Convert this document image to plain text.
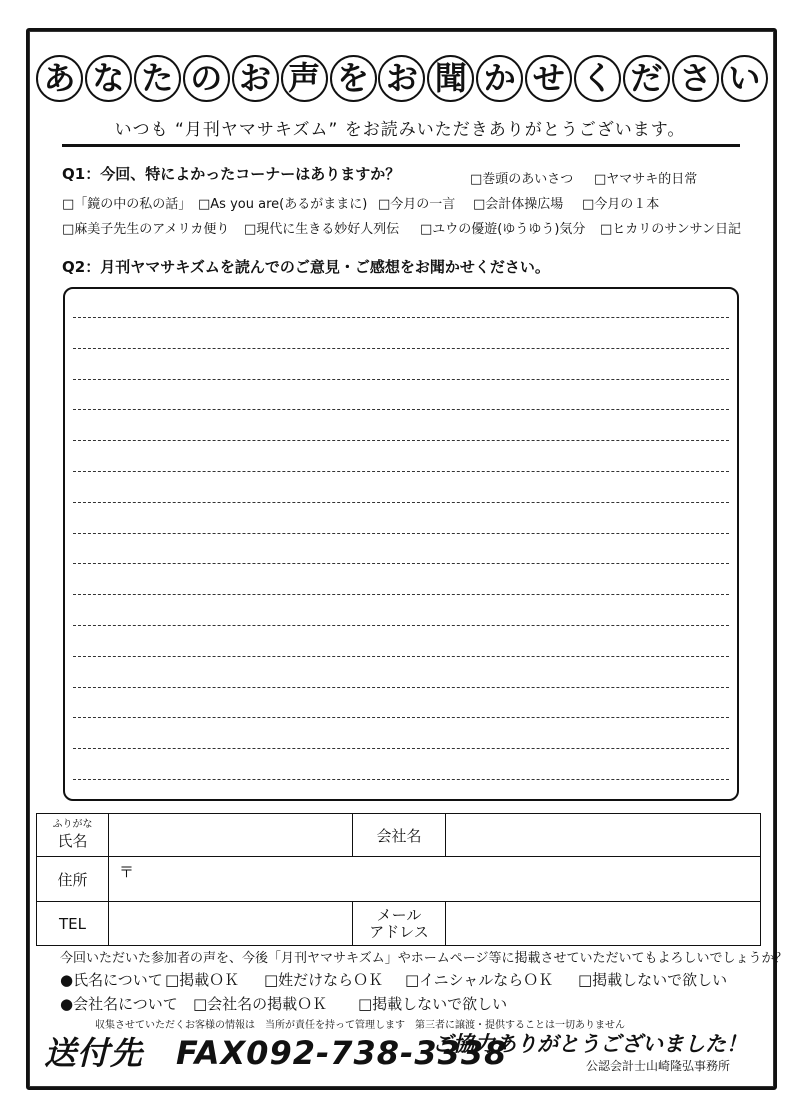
あ な た の お 声 を お 聞 か せ く だ さ い
いつも “月刊ヤマサキズム” をお読みいただきありがとうございます。
Q1：今回、特によかったコーナーはありますか？	□巻頭のあいさつ □ヤマサキ的日常
□「鏡の中の私の話」 □As you are(あるがままに) □今月の一言 □会計体操広場 □今月の１本
□麻美子先生のアメリカ便り □現代に生きる妙好人列伝 □ユウの優遊(ゆうゆう)気分 □ヒカリのサンサン日記
Q2：月刊ヤマサキズムを読んでのご意見・ご感想をお聞かせください。
ふりがな
氏名		会社名	
住所	〒		
TEL		メール
アドレス	

今回いただいた参加者の声を、今後「月刊ヤマサキズム」やホームページ等に掲載させていただいてもよろしいでしょうか？
●氏名について □掲載ＯＫ □姓だけならＯＫ □イニシャルならＯＫ □掲載しないで欲しい
●会社名について □会社名の掲載ＯＫ □掲載しないで欲しい
収集させていただくお客様の情報は　当所が責任を持って管理します　第三者に譲渡・提供することは一切ありません
送付先　FAX092-738-3338
ご協力ありがとうございました！
公認会計士山崎隆弘事務所
